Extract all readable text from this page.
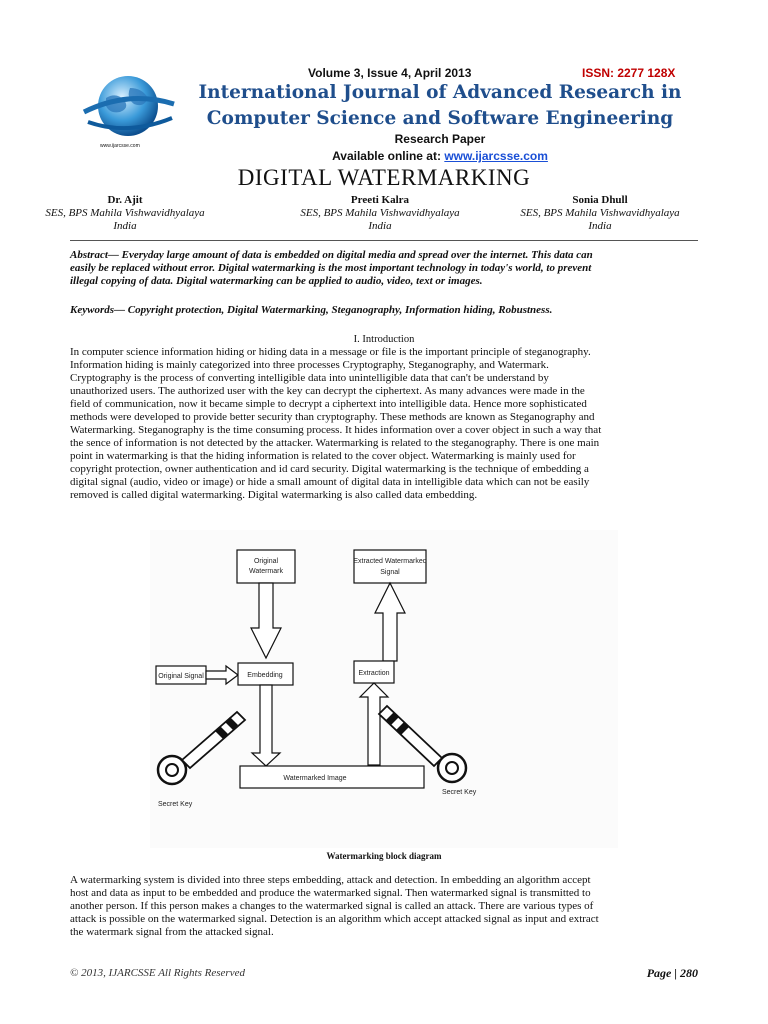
www.ijarcsse.com
Volume 3, Issue 4, April 2013	ISSN: 2277 128X
International Journal of Advanced Research in
Computer Science and Software Engineering
Research Paper
Available online at: www.ijarcsse.com
DIGITAL WATERMARKING
Dr. Ajit
SES, BPS Mahila Vishwavidhyalaya
India
Preeti Kalra
SES, BPS Mahila Vishwavidhyalaya
India
Sonia Dhull
SES, BPS Mahila Vishwavidhyalaya
India
Abstract— Everyday large amount of data is embedded on digital media and spread over the internet. This data can
easily be replaced without error. Digital watermarking is the most important technology in today's world, to prevent
illegal copying of data. Digital watermarking can be applied to audio, video, text or images.
Keywords— Copyright protection, Digital Watermarking, Steganography, Information hiding, Robustness.
I. Introduction
In computer science information hiding or hiding data in a message or file is the important principle of steganography.
Information hiding is mainly categorized into three processes Cryptography, Steganography, and Watermark.
Cryptography is the process of converting intelligible data into unintelligible data that can't be understand by
unauthorized users. The authorized user with the key can decrypt the ciphertext. As many advances were made in the
field of communication, now it became simple to decrypt a ciphertext into intelligible data. Hence more sophisticated
methods were developed to provide better security than cryptography. These methods are known as Steganography and
Watermarking. Steganography is the time consuming process. It hides information over a cover object in such a way that
the sence of information is not detected by the attacker. Watermarking is related to the steganography. There is one main
point in watermarking is that the hiding information is related to the cover object. Watermarking is mainly used for
copyright protection, owner authentication and id card security. Digital watermarking is the technique of embedding a
digital signal (audio, video or image) or hide a small amount of digital data in intelligible data which can not be easily
removed is called digital watermarking. Digital watermarking is also called data embedding.
Original
Watermark
Extracted Watermarked
Signal
Original Signal	Embedding	Extraction
Watermarked Image
Secret Key
Secret Key
Watermarking block diagram
A watermarking system is divided into three steps embedding, attack and detection. In embedding an algorithm accept
host and data as input to be embedded and produce the watermarked signal. Then watermarked signal is transmitted to
another person. If this person makes a changes to the watermarked signal is called an attack. There are various types of
attack is possible on the watermarked signal. Detection is an algorithm which accept attacked signal as input and extract
the watermark signal from the attacked signal.
© 2013, IJARCSSE All Rights Reserved	Page | 280
